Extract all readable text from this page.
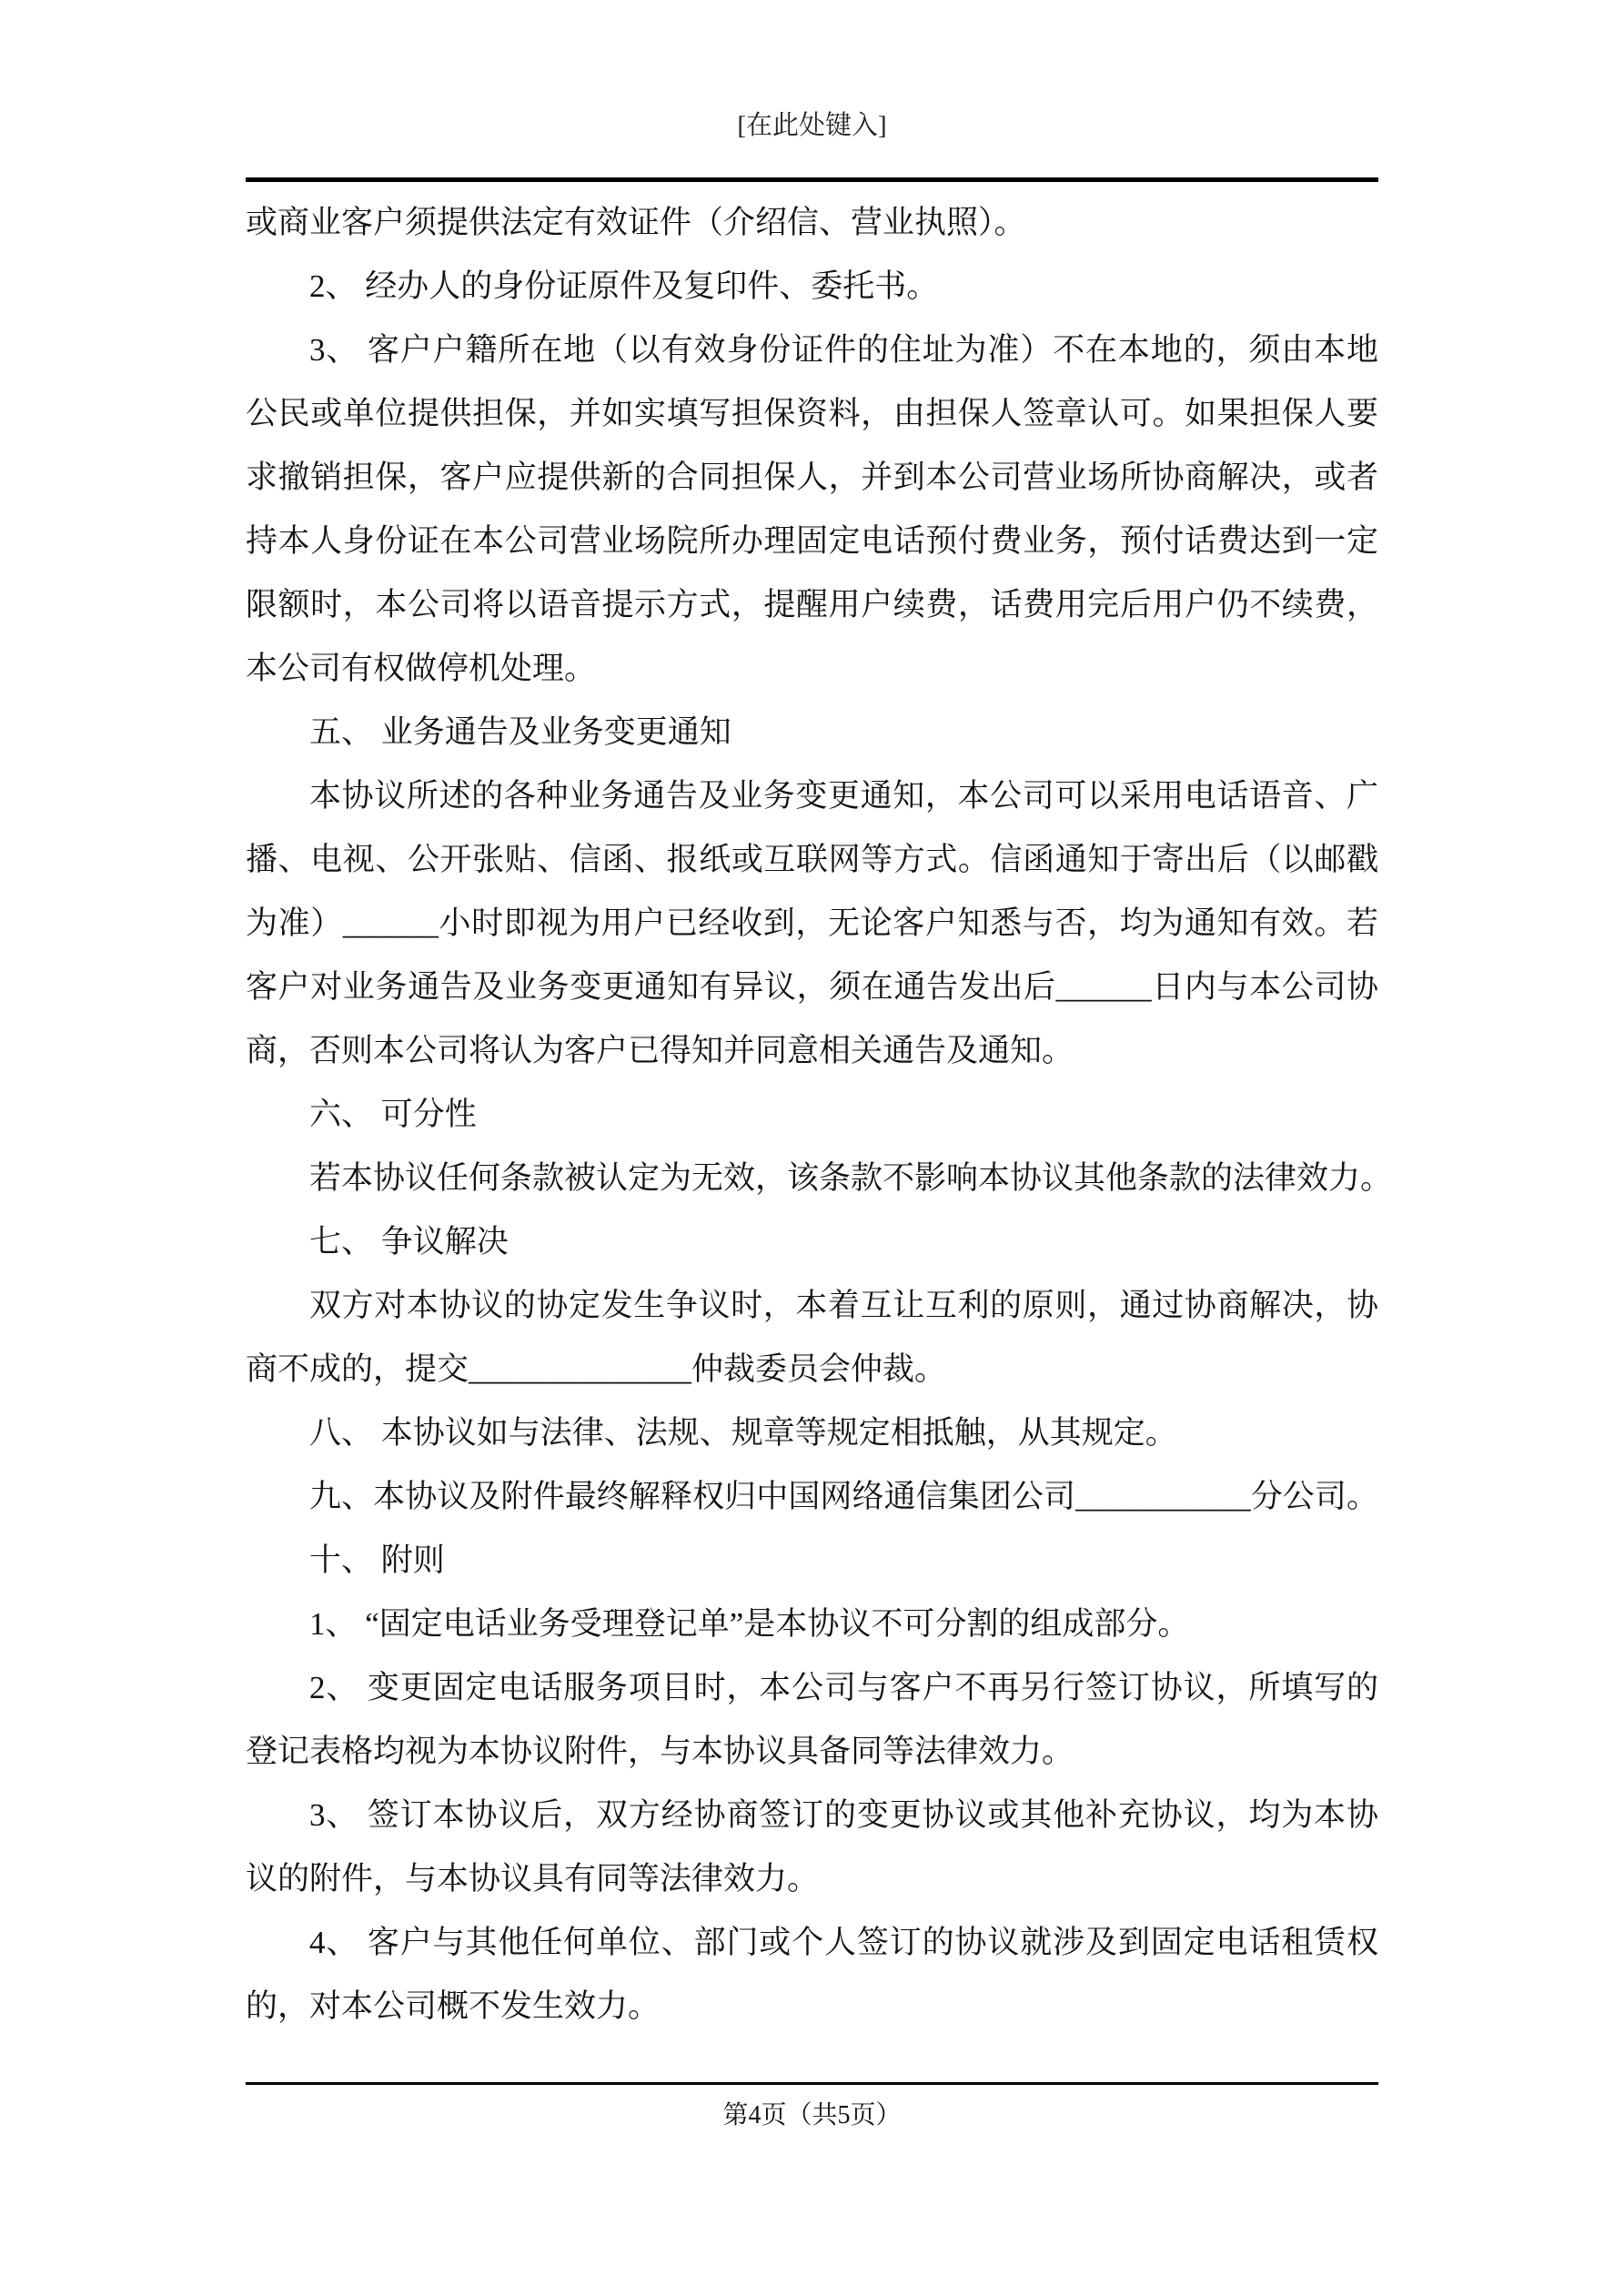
[在此处键入]
或商业客户须提供法定有效证件（介绍信、营业执照）。
2、 经办人的身份证原件及复印件、委托书。
3、 客户户籍所在地（以有效身份证件的住址为准）不在本地的，须由本地
公民或单位提供担保，并如实填写担保资料，由担保人签章认可。如果担保人要
求撤销担保，客户应提供新的合同担保人，并到本公司营业场所协商解决，或者
持本人身份证在本公司营业场院所办理固定电话预付费业务，预付话费达到一定
限额时，本公司将以语音提示方式，提醒用户续费，话费用完后用户仍不续费，
本公司有权做停机处理。
五、 业务通告及业务变更通知
本协议所述的各种业务通告及业务变更通知，本公司可以采用电话语音、广
播、电视、公开张贴、信函、报纸或互联网等方式。信函通知于寄出后（以邮戳
为准）______小时即视为用户已经收到，无论客户知悉与否，均为通知有效。若
客户对业务通告及业务变更通知有异议，须在通告发出后______日内与本公司协
商，否则本公司将认为客户已得知并同意相关通告及通知。
六、 可分性
若本协议任何条款被认定为无效，该条款不影响本协议其他条款的法律效力。
七、 争议解决
双方对本协议的协定发生争议时，本着互让互利的原则，通过协商解决，协
商不成的，提交______________仲裁委员会仲裁。
八、 本协议如与法律、法规、规章等规定相抵触，从其规定。
九、本协议及附件最终解释权归中国网络通信集团公司___________分公司。
十、 附则
1、 “固定电话业务受理登记单”是本协议不可分割的组成部分。
2、 变更固定电话服务项目时，本公司与客户不再另行签订协议，所填写的
登记表格均视为本协议附件，与本协议具备同等法律效力。
3、 签订本协议后，双方经协商签订的变更协议或其他补充协议，均为本协
议的附件，与本协议具有同等法律效力。
4、 客户与其他任何单位、部门或个人签订的协议就涉及到固定电话租赁权
的，对本公司概不发生效力。
第4页（共5页）
